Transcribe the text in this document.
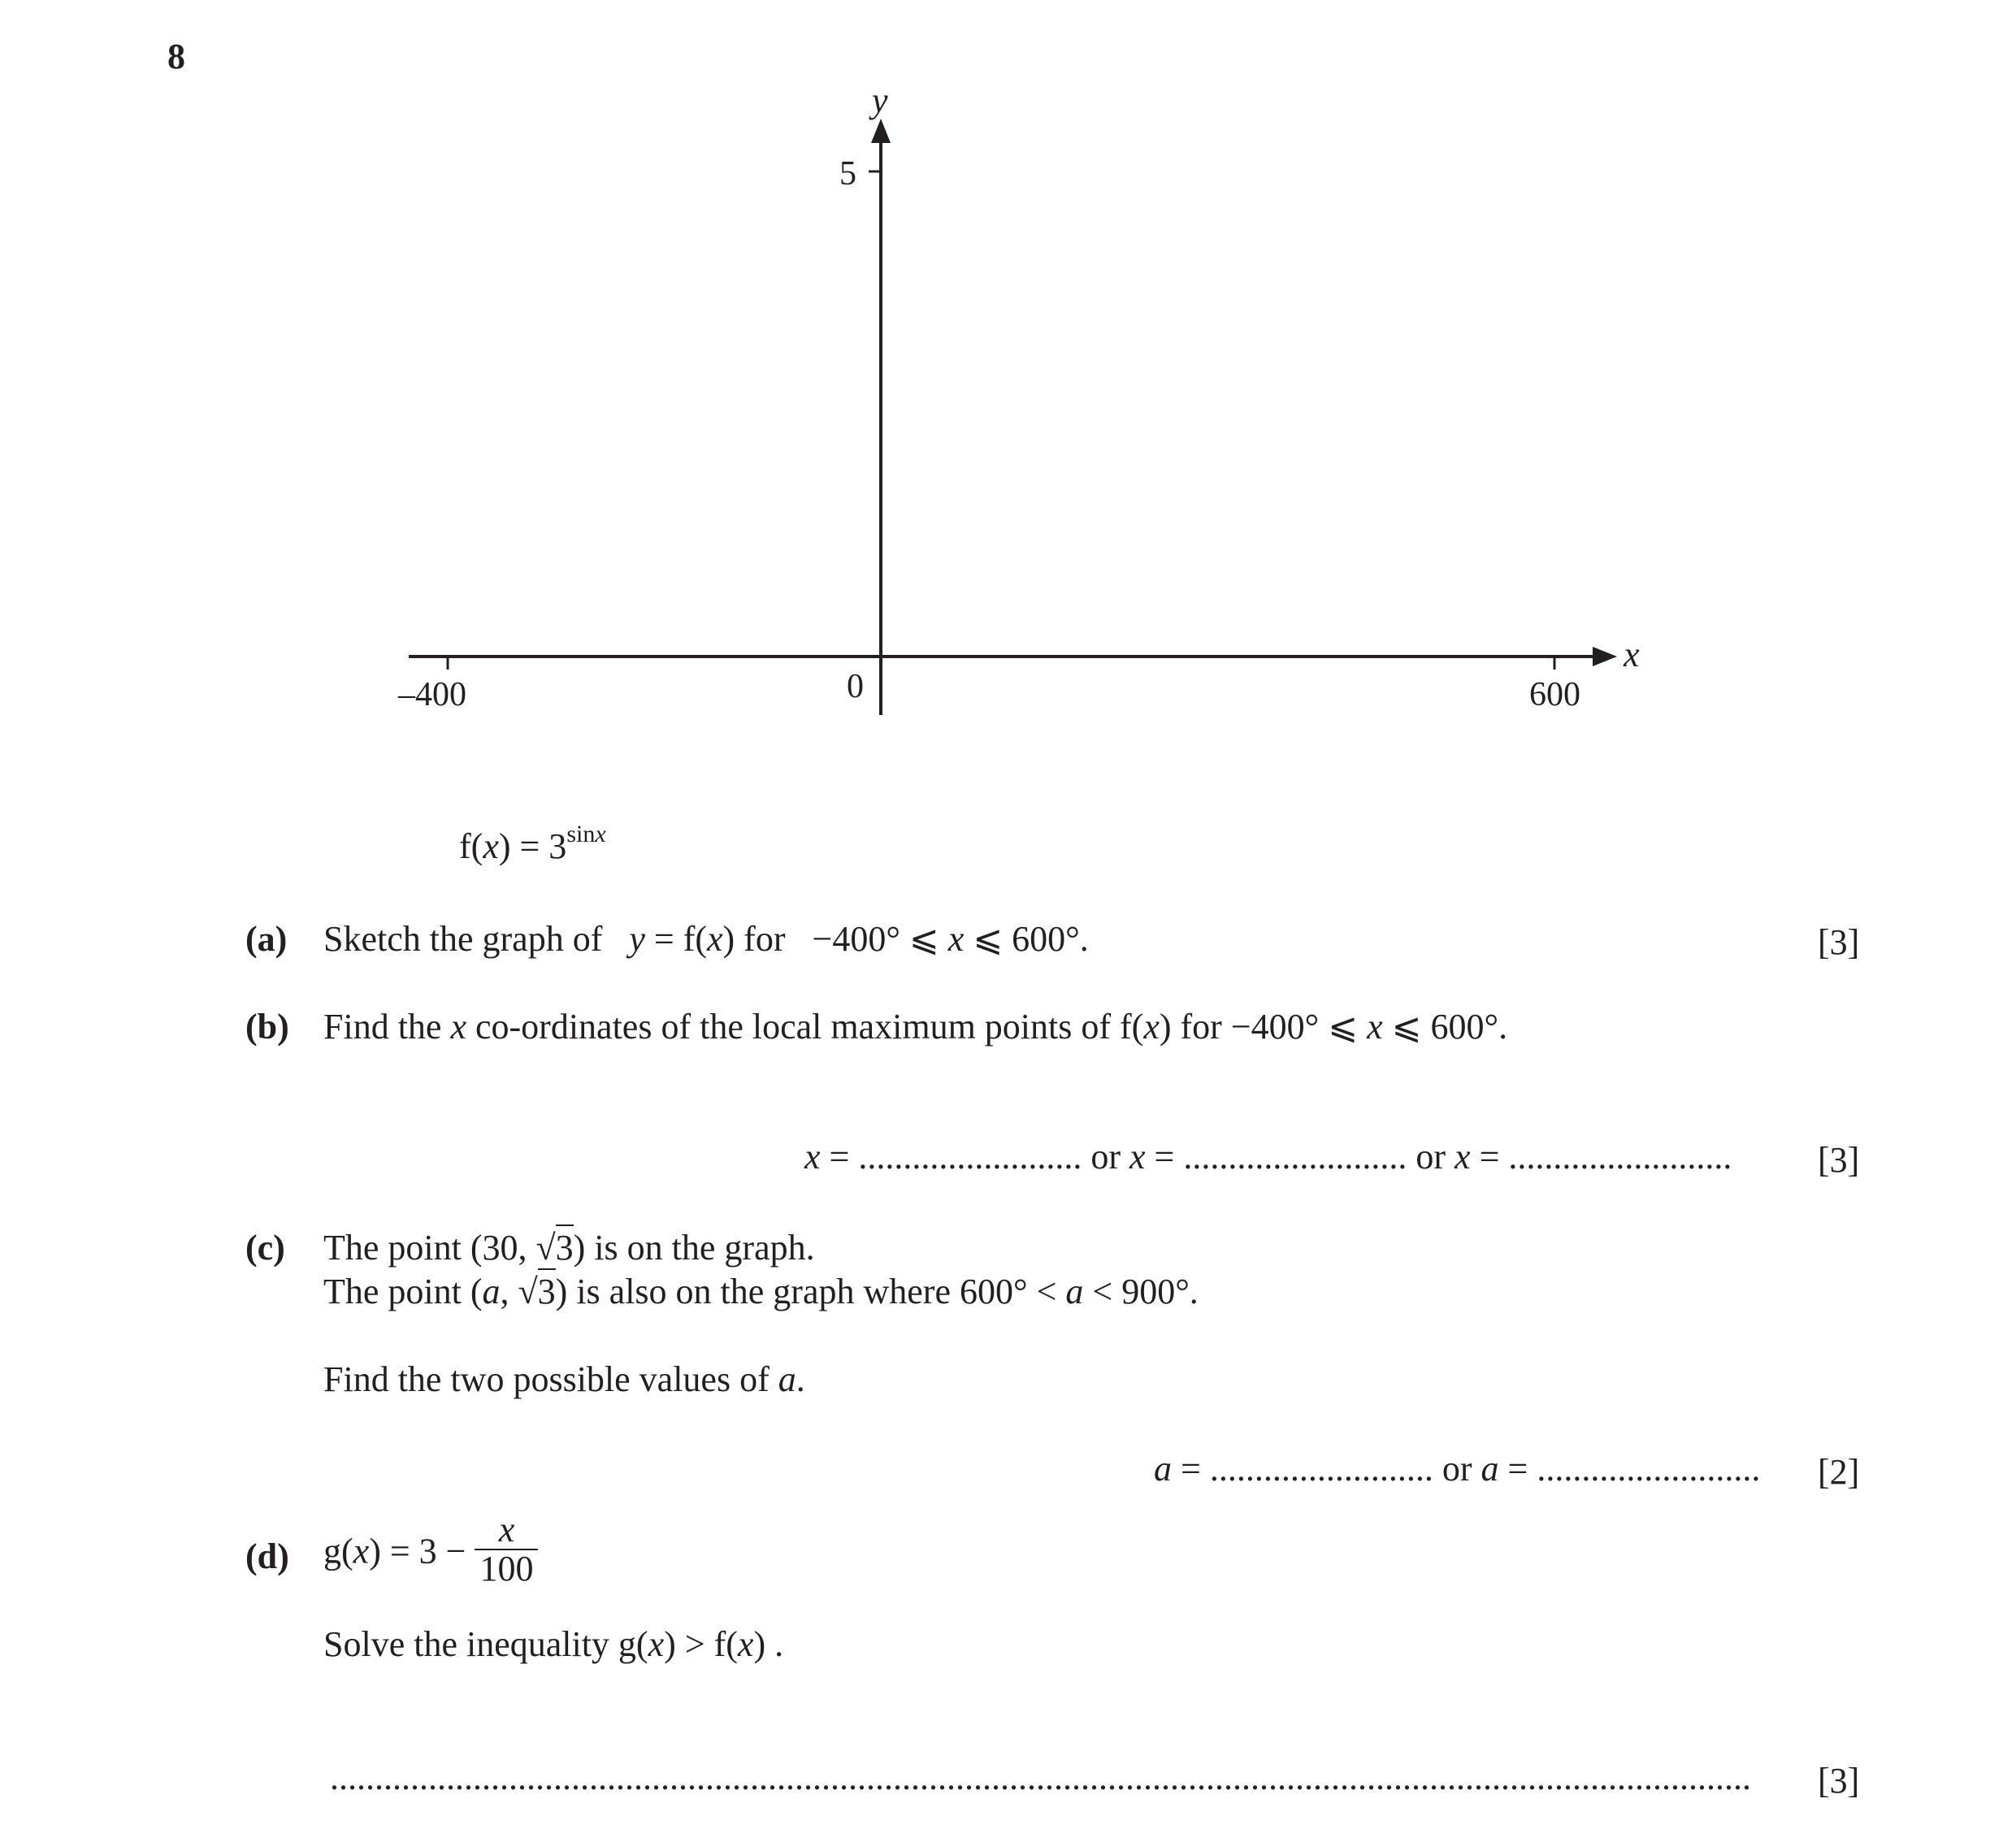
8
x
y
0
–400	600
5
$f(x) = 3^{sinx}$
(a) Sketch the graph of y = f(x) for −400° ⩽ x ⩽ 600°.	[3]
(b) Find the x co-ordinates of the local maximum points of f(x) for −400° ⩽ x ⩽ 600°.
x = ......................... or x = ......................... or x = ......................... [3]
(c) The point (30, √3) is on the graph.
The point (a, √3) is also on the graph where 600° < a < 900°.
Find the two possible values of a.
a = ......................... or a = ......................... [2]
(d) $g(x) = 3 - \frac{x}{100}$
Solve the inequality g(x) > f(x) .
...............................................................................................................................................................	[3]
